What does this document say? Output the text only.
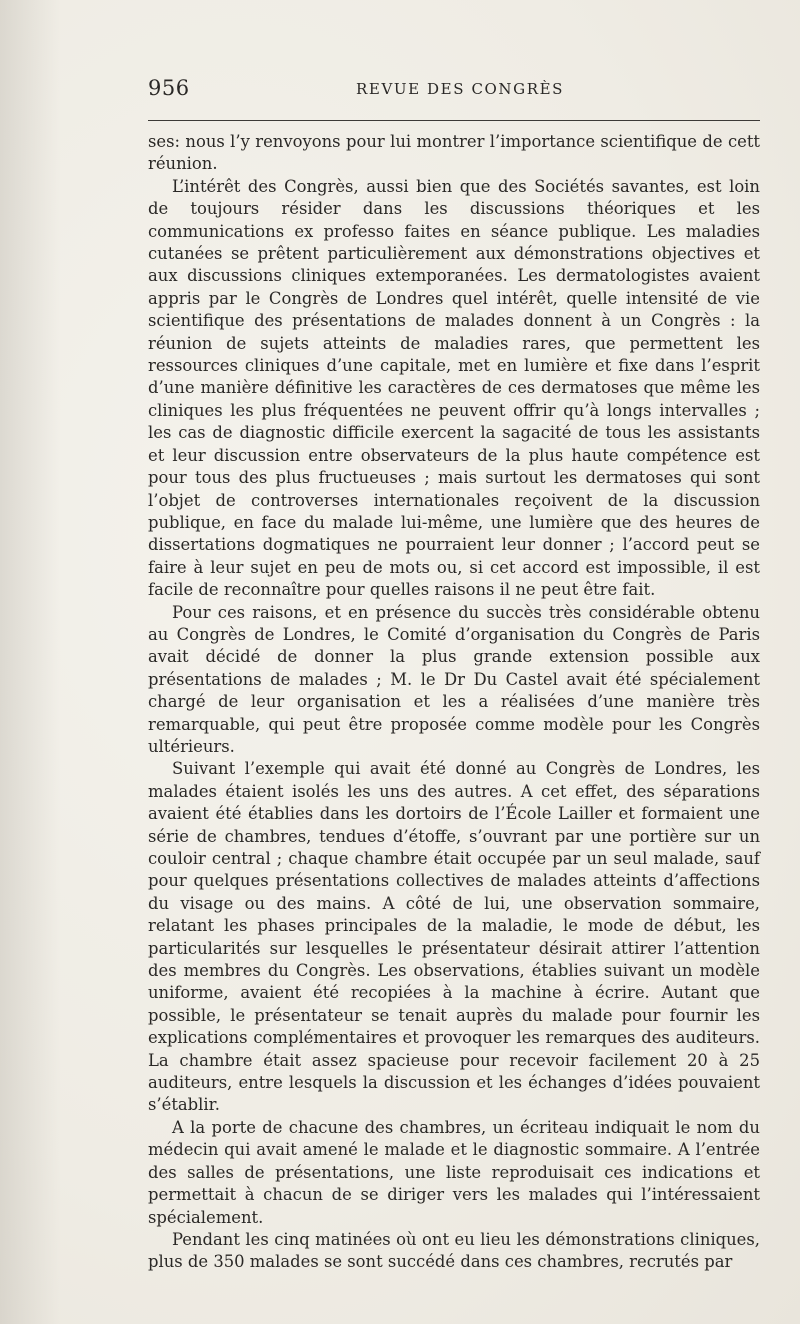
956	REVUE DES CONGRÈS

ses: nous l’y renvoyons pour lui montrer l’importance scientifique de cett réunion.

L’intérêt des Congrès, aussi bien que des Sociétés savantes, est loin de toujours résider dans les discussions théoriques et les communications ex professo faites en séance publique. Les maladies cutanées se prêtent particulièrement aux démonstrations objectives et aux discussions cliniques extemporanées. Les dermatologistes avaient appris par le Congrès de Londres quel intérêt, quelle intensité de vie scientifique des présentations de malades donnent à un Congrès : la réunion de sujets atteints de maladies rares, que permettent les ressources cliniques d’une capitale, met en lumière et fixe dans l’esprit d’une manière définitive les caractères de ces dermatoses que même les cliniques les plus fréquentées ne peuvent offrir qu’à longs intervalles ; les cas de diagnostic difficile exercent la sagacité de tous les assistants et leur discussion entre observateurs de la plus haute compétence est pour tous des plus fructueuses ; mais surtout les dermatoses qui sont l’objet de controverses internationales reçoivent de la discussion publique, en face du malade lui-même, une lumière que des heures de dissertations dogmatiques ne pourraient leur donner ; l’accord peut se faire à leur sujet en peu de mots ou, si cet accord est impossible, il est facile de reconnaître pour quelles raisons il ne peut être fait.

Pour ces raisons, et en présence du succès très considérable obtenu au Congrès de Londres, le Comité d’organisation du Congrès de Paris avait décidé de donner la plus grande extension possible aux présentations de malades ; M. le Dr Du Castel avait été spécialement chargé de leur organisation et les a réalisées d’une manière très remarquable, qui peut être proposée comme modèle pour les Congrès ultérieurs.

Suivant l’exemple qui avait été donné au Congrès de Londres, les malades étaient isolés les uns des autres. A cet effet, des séparations avaient été établies dans les dortoirs de l’École Lailler et formaient une série de chambres, tendues d’étoffe, s’ouvrant par une portière sur un couloir central ; chaque chambre était occupée par un seul malade, sauf pour quelques présentations collectives de malades atteints d’affections du visage ou des mains. A côté de lui, une observation sommaire, relatant les phases principales de la maladie, le mode de début, les particularités sur lesquelles le présentateur désirait attirer l’attention des membres du Congrès. Les observations, établies suivant un modèle uniforme, avaient été recopiées à la machine à écrire. Autant que possible, le présentateur se tenait auprès du malade pour fournir les explications complémentaires et provoquer les remarques des auditeurs. La chambre était assez spacieuse pour recevoir facilement 20 à 25 auditeurs, entre lesquels la discussion et les échanges d’idées pouvaient s’établir.

A la porte de chacune des chambres, un écriteau indiquait le nom du médecin qui avait amené le malade et le diagnostic sommaire. A l’entrée des salles de présentations, une liste reproduisait ces indications et permettait à chacun de se diriger vers les malades qui l’intéressaient spécialement.

Pendant les cinq matinées où ont eu lieu les démonstrations cliniques, plus de 350 malades se sont succédé dans ces chambres, recrutés par
